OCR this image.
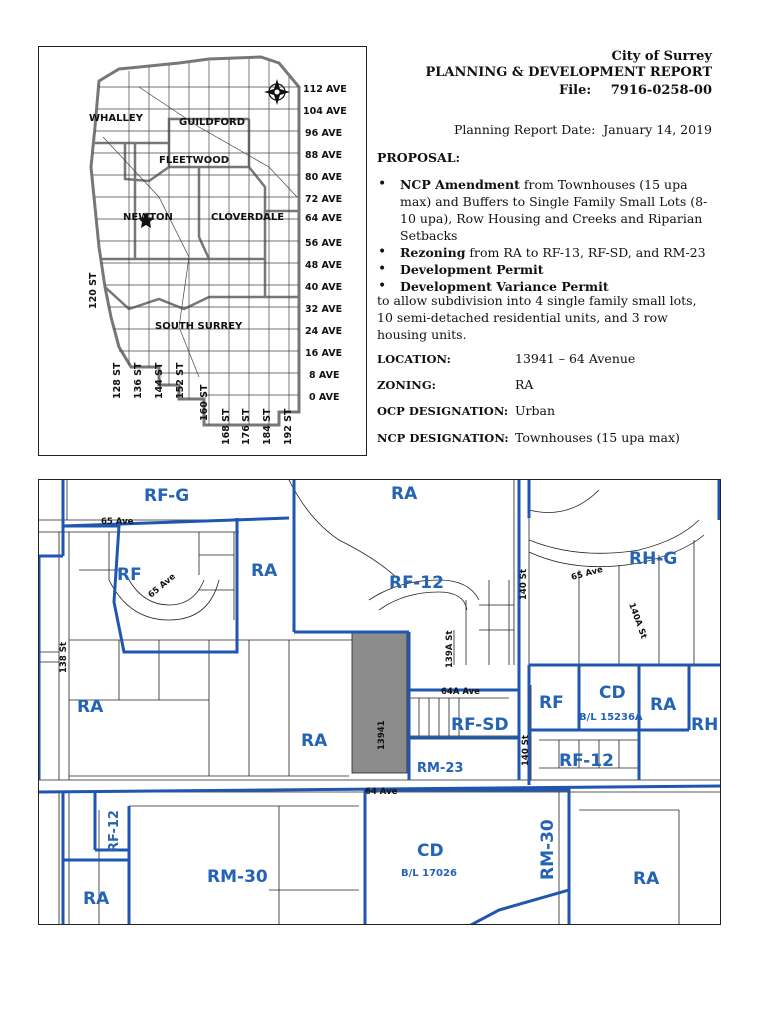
WHALLEY	GUILDFORD
FLEETWOOD
NEWTON	CLOVERDALE
SOUTH SURREY
112 AVE
104 AVE
96 AVE
88 AVE
80 AVE
72 AVE
64 AVE
56 AVE
48 AVE
40 AVE
32 AVE
24 AVE
16 AVE
8 AVE
0 AVE
120 ST
128 ST 136 ST 144 ST 152 ST
160 ST
168 ST 176 ST 184 ST 192 ST
City of Surrey
PLANNING & DEVELOPMENT REPORT
File: 7916-0258-00
Planning Report Date: January 14, 2019
PROPOSAL:
• NCP Amendment from Townhouses (15 upa max) and Buffers to Single Family Small Lots (8-10 upa), Row Housing and Creeks and Riparian Setbacks
• Rezoning from RA to RF-13, RF-SD, and RM-23
• Development Permit
• Development Variance Permit
to allow subdivision into 4 single family small lots, 10 semi-detached residential units, and 3 row housing units.
LOCATION:	13941 – 64 Avenue
ZONING:	RA
OCP DESIGNATION: Urban
NCP DESIGNATION: Townhouses (15 upa max)
RF-G	RA
RF	RA
RF-12
RH-G
RA
RA
RF-SD
RM-23
RF CD
B/L 15236A
RA
RH
RF-12
RF-12
RM-30
CD
B/L 17026	RM-30	RA
RA
65 Ave
65 Ave	65 Ave
140 St
140A St
139A St
138 St
64A Ave
140 St
64 Ave
13941
